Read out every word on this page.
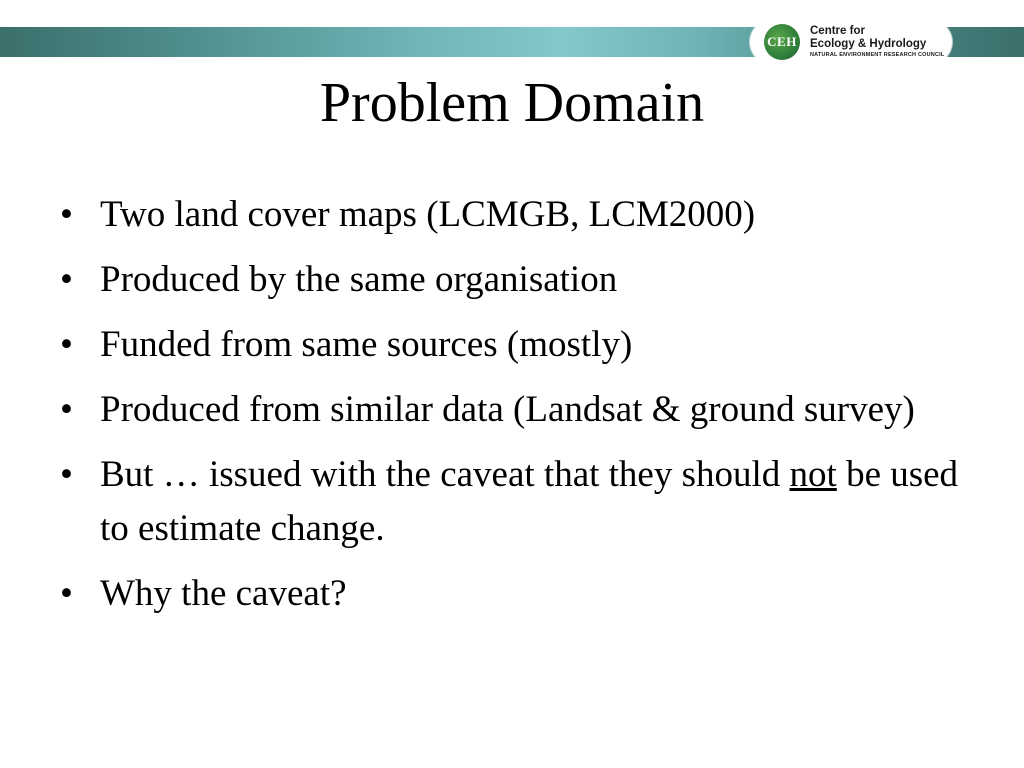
CEH
Centre for
Ecology & Hydrology
NATURAL ENVIRONMENT RESEARCH COUNCIL
Problem Domain
• Two land cover maps (LCMGB, LCM2000)
• Produced by the same organisation
• Funded from same sources (mostly)
• Produced from similar data (Landsat & ground survey)
• But … issued with the caveat that they should not be used to estimate change.
• Why the caveat?
